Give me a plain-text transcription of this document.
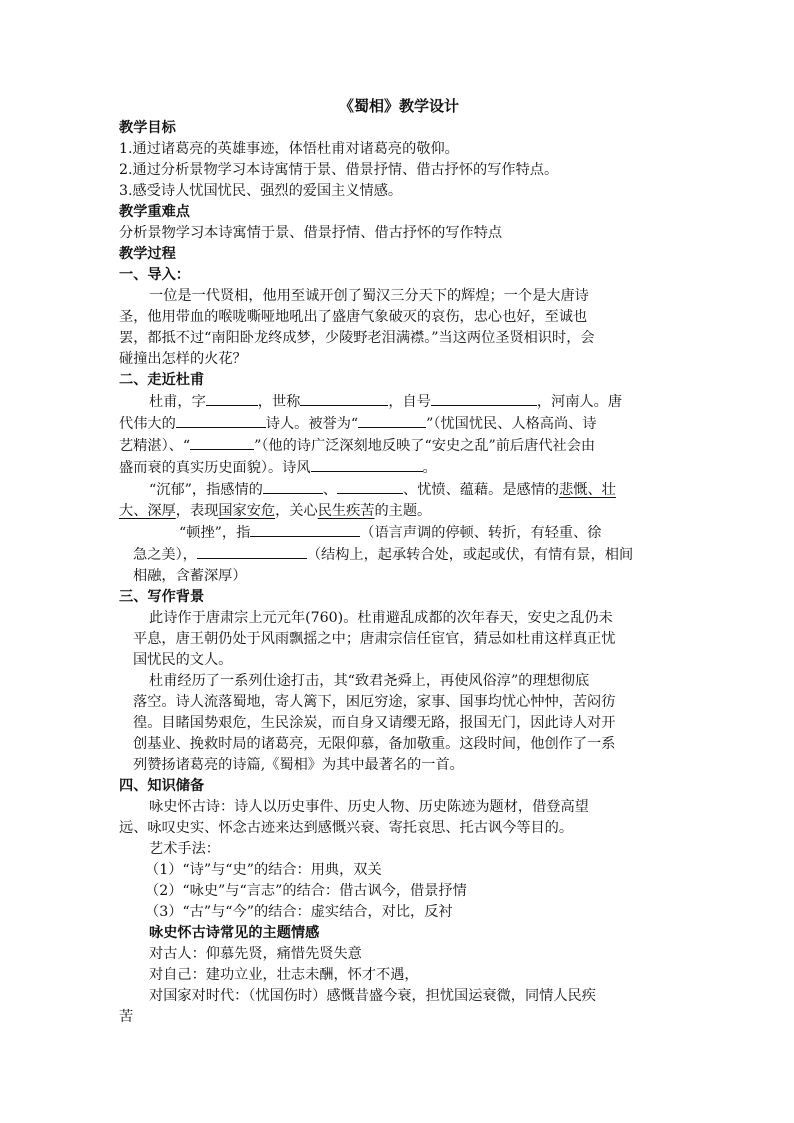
《蜀相》教学设计
教学目标
1.通过诸葛亮的英雄事迹，体悟杜甫对诸葛亮的敬仰。
2.通过分析景物学习本诗寓情于景、借景抒情、借古抒怀的写作特点。
3.感受诗人忧国忧民、强烈的爱国主义情感。
教学重难点
分析景物学习本诗寓情于景、借景抒情、借古抒怀的写作特点
教学过程
一、导入：
一位是一代贤相，他用至诚开创了蜀汉三分天下的辉煌；一个是大唐诗
圣，他用带血的喉咙嘶哑地吼出了盛唐气象破灭的哀伤，忠心也好，至诚也
罢，都抵不过“南阳卧龙终成梦，少陵野老泪满襟。”当这两位圣贤相识时，会
碰撞出怎样的火花？
二、走近杜甫
杜甫，字	，世称	，自号	，河南人。唐
代伟大的	诗人。被誉为“	”（忧国忧民、人格高尚、诗
艺精湛）、“	”（他的诗广泛深刻地反映了“安史之乱”前后唐代社会由
盛而衰的真实历史面貌）。诗风	。
“沉郁”，指感情的	、	、忧愤、蕴藉。是感情的悲慨、壮
大、深厚，表现国家安危，关心民生疾苦的主题。
“顿挫”，指	（语言声调的停顿、转折，有轻重、徐
急之美），	（结构上，起承转合处，或起或伏，有情有景，相间
相融，含蓄深厚）
三、写作背景
此诗作于唐肃宗上元元年(760)。杜甫避乱成都的次年春天，安史之乱仍未
平息，唐王朝仍处于风雨飘摇之中；唐肃宗信任宦官，猜忌如杜甫这样真正忧
国忧民的文人。
杜甫经历了一系列仕途打击，其“致君尧舜上，再使风俗淳”的理想彻底
落空。诗人流落蜀地，寄人篱下，困厄穷途，家事、国事均忧心忡忡，苦闷彷
徨。目睹国势艰危，生民涂炭，而自身又请缨无路，报国无门，因此诗人对开
创基业、挽救时局的诸葛亮，无限仰慕，备加敬重。这段时间，他创作了一系
列赞扬诸葛亮的诗篇,《蜀相》为其中最著名的一首。
四、知识储备
咏史怀古诗：诗人以历史事件、历史人物、历史陈迹为题材，借登高望
远、咏叹史实、怀念古迹来达到感慨兴衰、寄托哀思、托古讽今等目的。
艺术手法：
（1）“诗”与“史”的结合：用典，双关
（2）“咏史”与“言志”的结合：借古讽今，借景抒情
（3）“古”与“今”的结合：虚实结合，对比，反衬
咏史怀古诗常见的主题情感
对古人：仰慕先贤，痛惜先贤失意
对自己：建功立业，壮志未酬，怀才不遇，
对国家对时代：（忧国伤时）感慨昔盛今衰，担忧国运衰微，同情人民疾
苦
